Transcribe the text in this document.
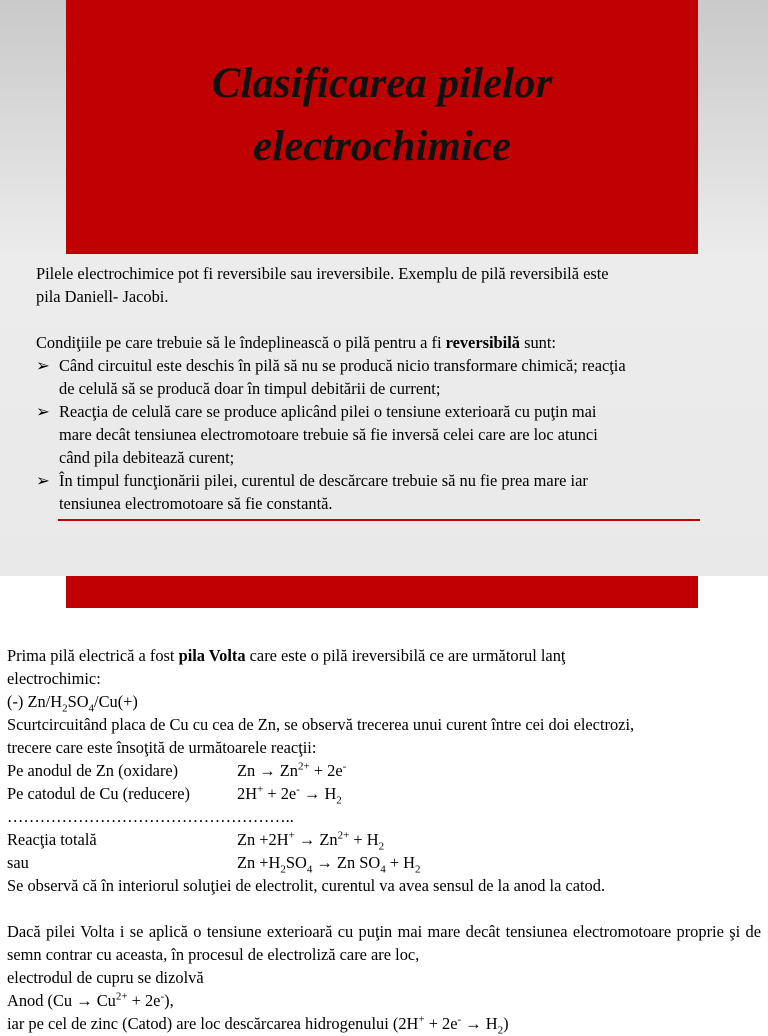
Clasificarea pilelor
electrochimice

Pilele electrochimice pot fi reversibile sau ireversibile. Exemplu de pilă reversibilă este
pila Daniell- Jacobi.

Condiţiile pe care trebuie să le îndeplinească o pilă pentru a fi reversibilă sunt:

➢ Când circuitul este deschis în pilă să nu se producă nicio transformare chimică; reacţia
de celulă să se producă doar în timpul debitării de current;
➢ Reacţia de celulă care se produce aplicând pilei o tensiune exterioară cu puţin mai
mare decât tensiunea electromotoare trebuie să fie inversă celei care are loc atunci
când pila debitează curent;
➢ În timpul funcţionării pilei, curentul de descărcare trebuie să nu fie prea mare iar
tensiunea electromotoare să fie constantă.

Prima pilă electrică a fost pila Volta care este o pilă ireversibilă ce are următorul lanţ
electrochimic:

(-) $Zn/H_2SO_4/Cu(+)$

Scurtcircuitând placa de Cu cu cea de Zn, se observă trecerea unui curent între cei doi electrozi,
trecere care este însoţită de următoarele reacţii:

Pe anodul de Zn (oxidare)	$Zn \to Zn^{2+} + 2e^-$

Pe catodul de Cu (reducere)	$2H^+ + 2e^- \to H_2$

……………………………………………..

Reacţia totală	$Zn +2H^+ \to Zn^{2+} + H_2$

sau	$Zn +H_2SO_4 \to Zn$ $SO_4 + H_2$

Se observă că în interiorul soluţiei de electrolit, curentul va avea sensul de la anod la catod.

Dacă pilei Volta i se aplică o tensiune exterioară cu puţin mai mare decât tensiunea electromotoare proprie şi de semn contrar cu aceasta, în procesul de electroliză care are loc,
electrodul de cupru se dizolvă

Anod $(Cu \to Cu^{2+} + 2e^-)$,

iar pe cel de zinc (Catod) are loc descărcarea hidrogenului $(2H^+ + 2e^- \to H_2)$
